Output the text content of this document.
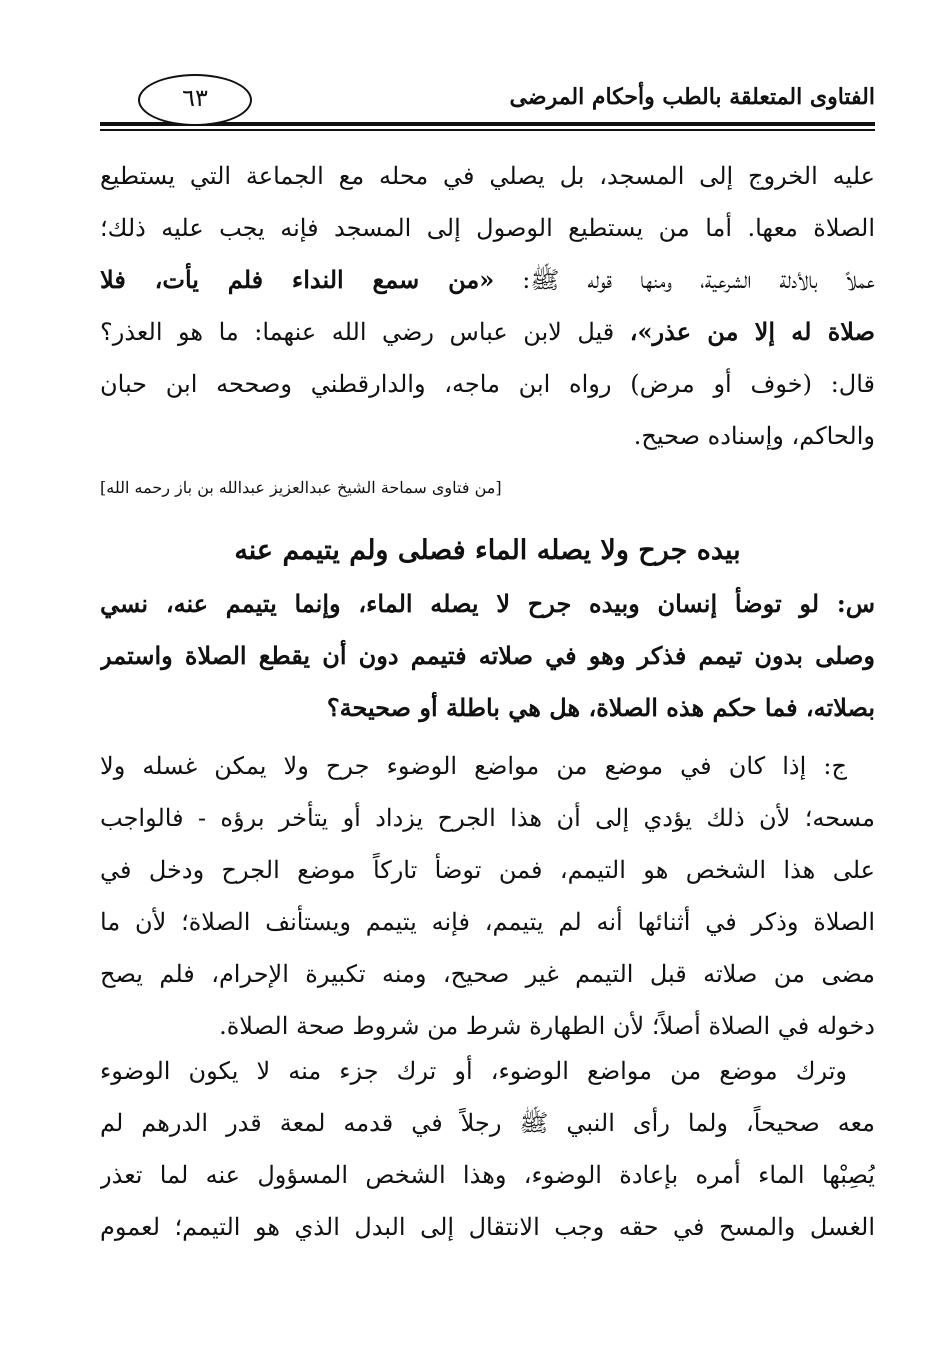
الفتاوى المتعلقة بالطب وأحكام المرضى
٦٣
عليه الخروج إلى المسجد، بل يصلي في محله مع الجماعة التي يستطيع
الصلاة معها. أما من يستطيع الوصول إلى المسجد فإنه يجب عليه ذلك؛
عملاً بالأدلة الشرعية، ومنها قوله ﷺ: «من سمع النداء فلم يأت، فلا
صلاة له إلا من عذر»، قيل لابن عباس رضي الله عنهما: ما هو العذر؟
قال: (خوف أو مرض) رواه ابن ماجه، والدارقطني وصححه ابن حبان
والحاكم، وإسناده صحيح.
[من فتاوى سماحة الشيخ عبدالعزيز عبدالله بن باز رحمه الله]
بيده جرح ولا يصله الماء فصلى ولم يتيمم عنه
س: لو توضأ إنسان وبيده جرح لا يصله الماء، وإنما يتيمم عنه، نسي
وصلى بدون تيمم فذكر وهو في صلاته فتيمم دون أن يقطع الصلاة واستمر
بصلاته، فما حكم هذه الصلاة، هل هي باطلة أو صحيحة؟
ج: إذا كان في موضع من مواضع الوضوء جرح ولا يمكن غسله ولا
مسحه؛ لأن ذلك يؤدي إلى أن هذا الجرح يزداد أو يتأخر برؤه - فالواجب
على هذا الشخص هو التيمم، فمن توضأ تاركاً موضع الجرح ودخل في
الصلاة وذكر في أثنائها أنه لم يتيمم، فإنه يتيمم ويستأنف الصلاة؛ لأن ما
مضى من صلاته قبل التيمم غير صحيح، ومنه تكبيرة الإحرام، فلم يصح
دخوله في الصلاة أصلاً؛ لأن الطهارة شرط من شروط صحة الصلاة.
وترك موضع من مواضع الوضوء، أو ترك جزء منه لا يكون الوضوء
معه صحيحاً، ولما رأى النبي ﷺ رجلاً في قدمه لمعة قدر الدرهم لم
يُصِبْها الماء أمره بإعادة الوضوء، وهذا الشخص المسؤول عنه لما تعذر
الغسل والمسح في حقه وجب الانتقال إلى البدل الذي هو التيمم؛ لعموم
